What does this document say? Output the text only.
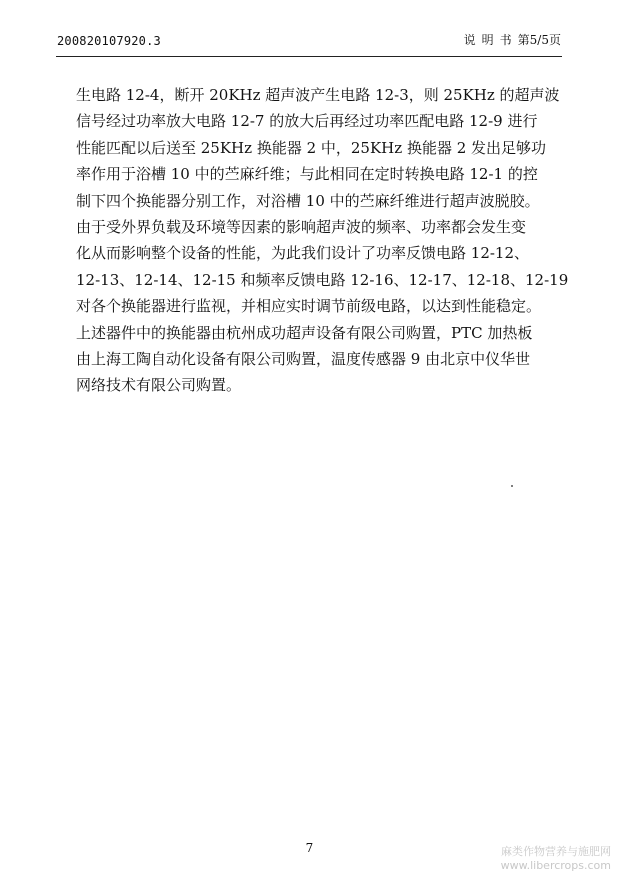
200820107920.3	说 明 书 第5/5页
生电路 12-4，断开 20KHz 超声波产生电路 12-3，则 25KHz 的超声波
信号经过功率放大电路 12-7 的放大后再经过功率匹配电路 12-9 进行
性能匹配以后送至 25KHz 换能器 2 中，25KHz 换能器 2 发出足够功
率作用于浴槽 10 中的苎麻纤维；与此相同在定时转换电路 12-1 的控
制下四个换能器分别工作，对浴槽 10 中的苎麻纤维进行超声波脱胶。
由于受外界负载及环境等因素的影响超声波的频率、功率都会发生变
化从而影响整个设备的性能，为此我们设计了功率反馈电路 12-12、
12-13、12-14、12-15 和频率反馈电路 12-16、12-17、12-18、12-19
对各个换能器进行监视，并相应实时调节前级电路，以达到性能稳定。
上述器件中的换能器由杭州成功超声设备有限公司购置，PTC 加热板
由上海工陶自动化设备有限公司购置，温度传感器 9 由北京中仪华世
网络技术有限公司购置。
7	麻类作物营养与施肥网
www.libercrops.com
